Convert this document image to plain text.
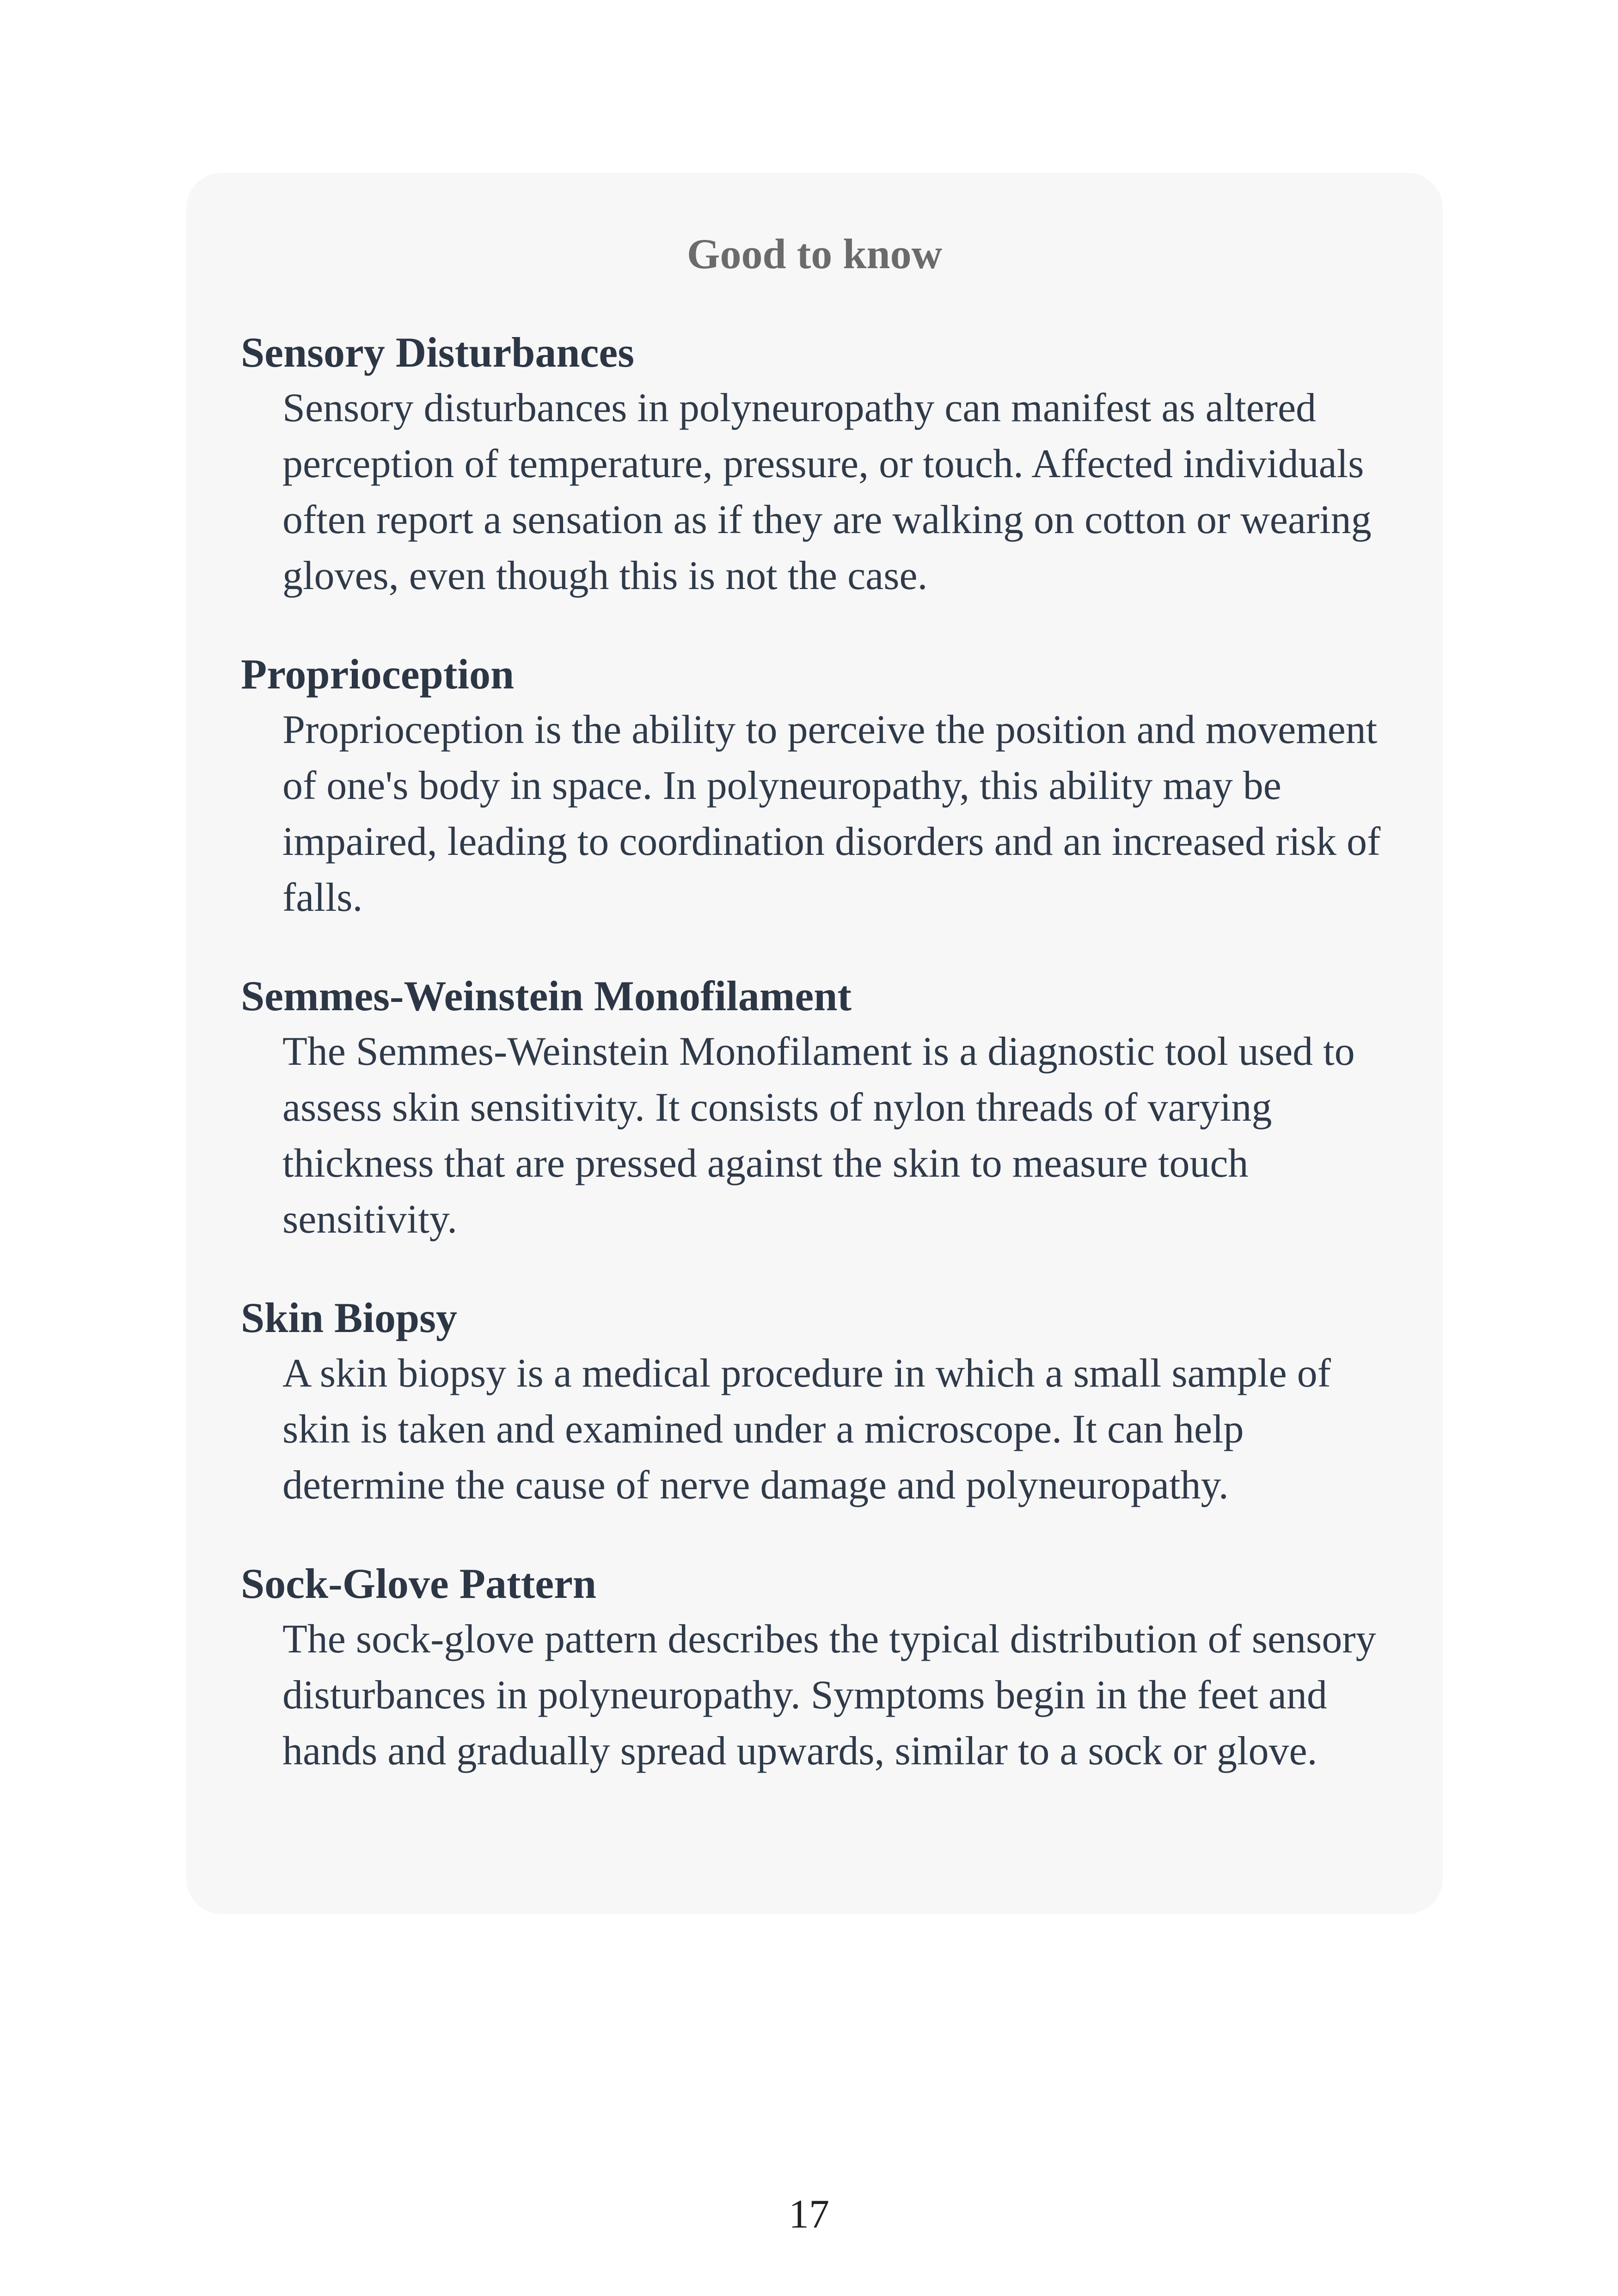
Good to know
Sensory Disturbances

Sensory disturbances in polyneuropathy can manifest as altered perception of temperature, pressure, or touch. Affected individuals often report a sensation as if they are walking on cotton or wearing gloves, even though this is not the case.

Proprioception

Proprioception is the ability to perceive the position and movement of one's body in space. In polyneuropathy, this ability may be impaired, leading to coordination disorders and an increased risk of falls.

Semmes-Weinstein Monofilament

The Semmes-Weinstein Monofilament is a diagnostic tool used to assess skin sensitivity. It consists of nylon threads of varying thickness that are pressed against the skin to measure touch sensitivity.

Skin Biopsy

A skin biopsy is a medical procedure in which a small sample of skin is taken and examined under a microscope. It can help determine the cause of nerve damage and polyneuropathy.

Sock-Glove Pattern

The sock-glove pattern describes the typical distribution of sensory disturbances in polyneuropathy. Symptoms begin in the feet and hands and gradually spread upwards, similar to a sock or glove.

17
